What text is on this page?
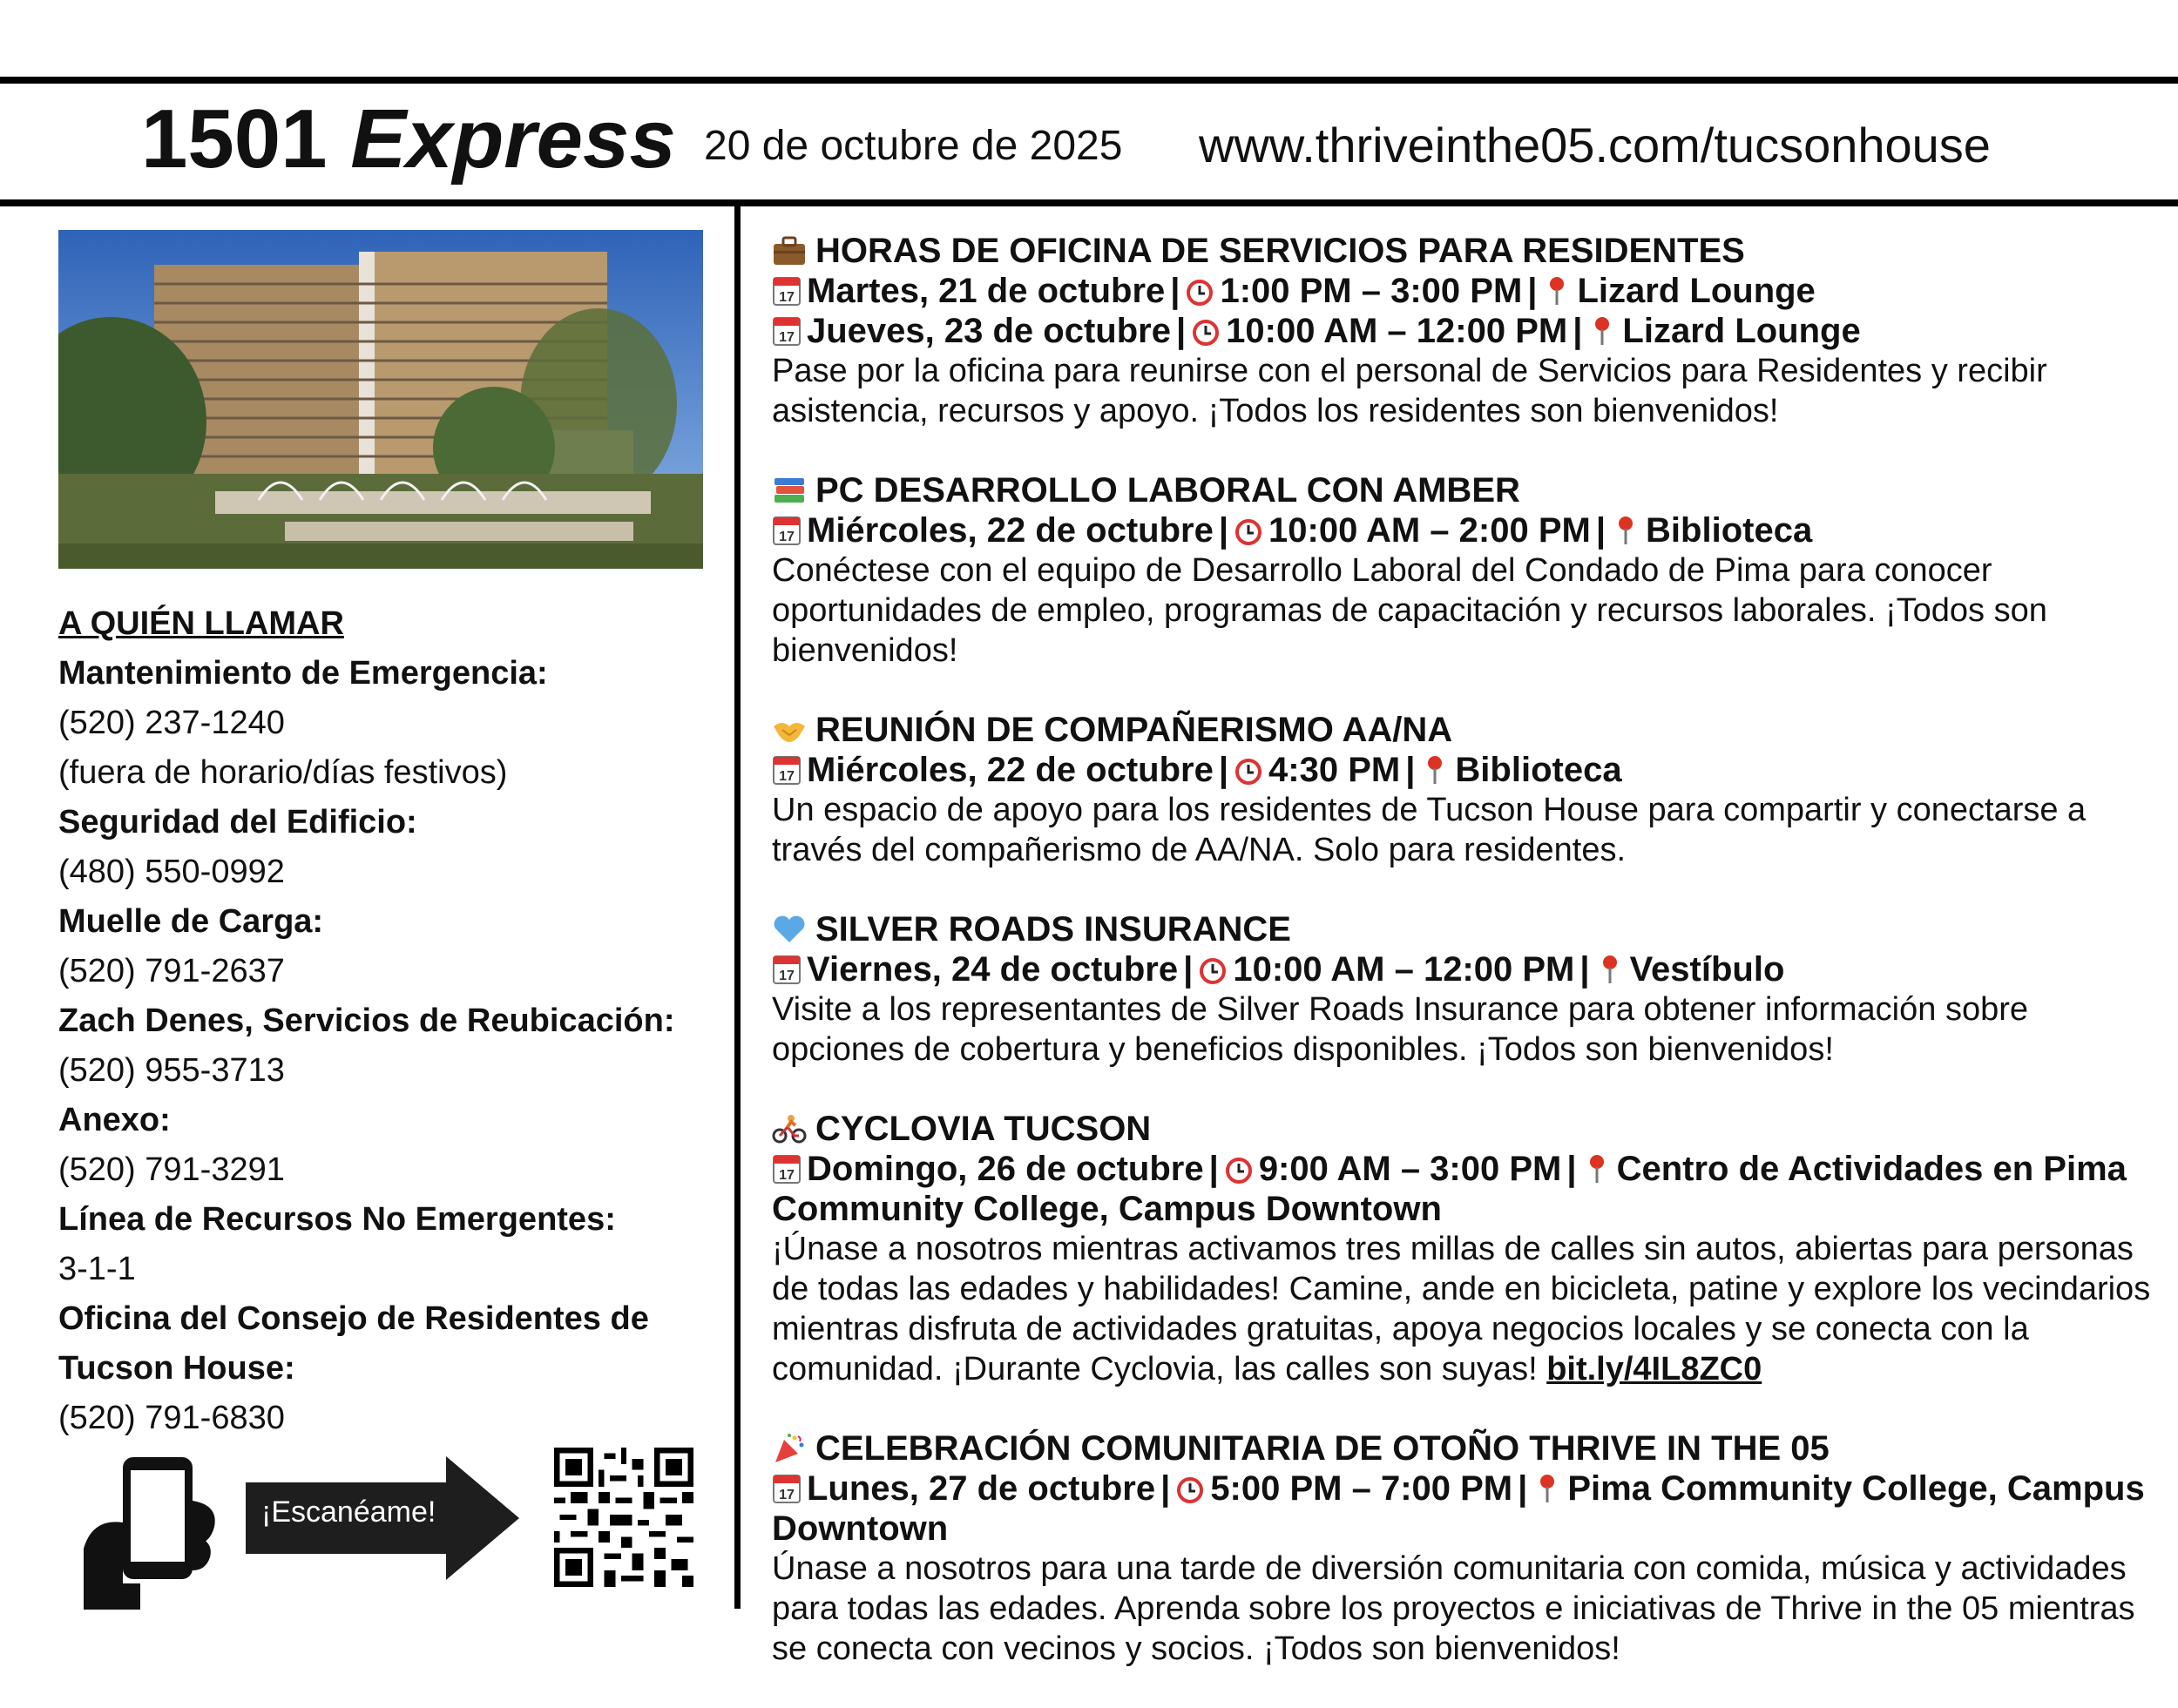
1501 Express 20 de octubre de 2025 www.thriveinthe05.com/tucsonhouse
A QUIÉN LLAMAR
Mantenimiento de Emergencia:
(520) 237-1240
(fuera de horario/días festivos)
Seguridad del Edificio:
(480) 550-0992
Muelle de Carga:
(520) 791-2637
Zach Denes, Servicios de Reubicación:
(520) 955-3713
Anexo:
(520) 791-3291
Línea de Recursos No Emergentes:
3-1-1
Oficina del Consejo de Residentes de Tucson House:
(520) 791-6830
¡Escanéame!
HORAS DE OFICINA DE SERVICIOS PARA RESIDENTES
17 Martes, 21 de octubre | 1:00 PM – 3:00 PM | Lizard Lounge
17 Jueves, 23 de octubre | 10:00 AM – 12:00 PM | Lizard Lounge
Pase por la oficina para reunirse con el personal de Servicios para Residentes y recibir asistencia, recursos y apoyo. ¡Todos los residentes son bienvenidos!
PC DESARROLLO LABORAL CON AMBER
17 Miércoles, 22 de octubre | 10:00 AM – 2:00 PM | Biblioteca
Conéctese con el equipo de Desarrollo Laboral del Condado de Pima para conocer oportunidades de empleo, programas de capacitación y recursos laborales. ¡Todos son bienvenidos!
REUNIÓN DE COMPAÑERISMO AA/NA
17 Miércoles, 22 de octubre | 4:30 PM | Biblioteca
Un espacio de apoyo para los residentes de Tucson House para compartir y conectarse a través del compañerismo de AA/NA. Solo para residentes.
SILVER ROADS INSURANCE
17 Viernes, 24 de octubre | 10:00 AM – 12:00 PM | Vestíbulo
Visite a los representantes de Silver Roads Insurance para obtener información sobre opciones de cobertura y beneficios disponibles. ¡Todos son bienvenidos!
CYCLOVIA TUCSON
17 Domingo, 26 de octubre | 9:00 AM – 3:00 PM | Centro de Actividades en Pima Community College, Campus Downtown
¡Únase a nosotros mientras activamos tres millas de calles sin autos, abiertas para personas de todas las edades y habilidades! Camine, ande en bicicleta, patine y explore los vecindarios mientras disfruta de actividades gratuitas, apoya negocios locales y se conecta con la comunidad. ¡Durante Cyclovia, las calles son suyas! bit.ly/4IL8ZC0
CELEBRACIÓN COMUNITARIA DE OTOÑO THRIVE IN THE 05
17 Lunes, 27 de octubre | 5:00 PM – 7:00 PM | Pima Community College, Campus Downtown
Únase a nosotros para una tarde de diversión comunitaria con comida, música y actividades para todas las edades. Aprenda sobre los proyectos e iniciativas de Thrive in the 05 mientras se conecta con vecinos y socios. ¡Todos son bienvenidos!
